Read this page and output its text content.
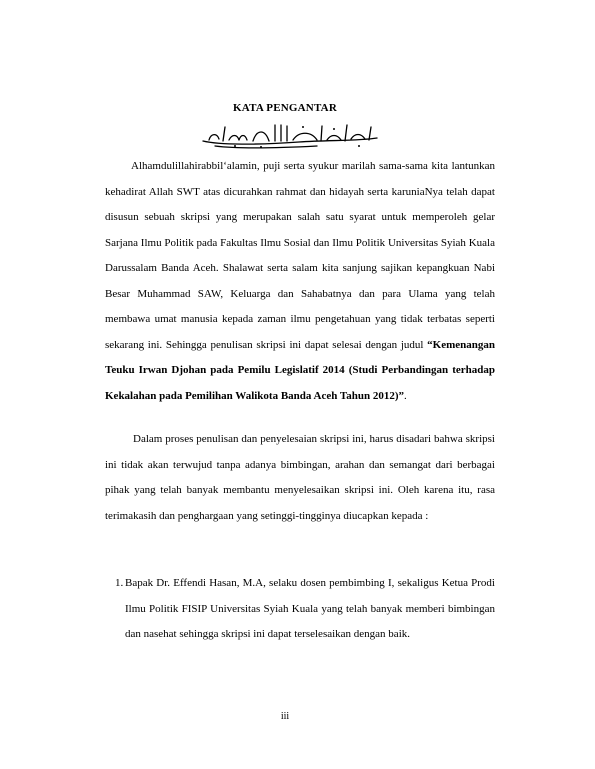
KATA PENGANTAR
Alhamdulillahirabbil‘alamin, puji serta syukur marilah sama-sama kita lantunkan kehadirat Allah SWT atas dicurahkan rahmat dan hidayah serta karuniaNya telah dapat disusun sebuah skripsi yang merupakan salah satu syarat untuk memperoleh gelar Sarjana Ilmu Politik pada Fakultas Ilmu Sosial dan Ilmu Politik Universitas Syiah Kuala Darussalam Banda Aceh. Shalawat serta salam kita sanjung sajikan kepangkuan Nabi Besar Muhammad SAW, Keluarga dan Sahabatnya dan para Ulama yang telah membawa umat manusia kepada zaman ilmu pengetahuan yang tidak terbatas seperti sekarang ini. Sehingga penulisan skripsi ini dapat selesai dengan judul “Kemenangan Teuku Irwan Djohan pada Pemilu Legislatif 2014 (Studi Perbandingan terhadap Kekalahan pada Pemilihan Walikota Banda Aceh Tahun 2012)”.
Dalam proses penulisan dan penyelesaian skripsi ini, harus disadari bahwa skripsi ini tidak akan terwujud tanpa adanya bimbingan, arahan dan semangat dari berbagai pihak yang telah banyak membantu menyelesaikan skripsi ini. Oleh karena itu, rasa terimakasih dan penghargaan yang setinggi-tingginya diucapkan kepada :
1. Bapak Dr. Effendi Hasan, M.A, selaku dosen pembimbing I, sekaligus Ketua Prodi Ilmu Politik FISIP Universitas Syiah Kuala yang telah banyak memberi bimbingan dan nasehat sehingga skripsi ini dapat terselesaikan dengan baik.
iii
